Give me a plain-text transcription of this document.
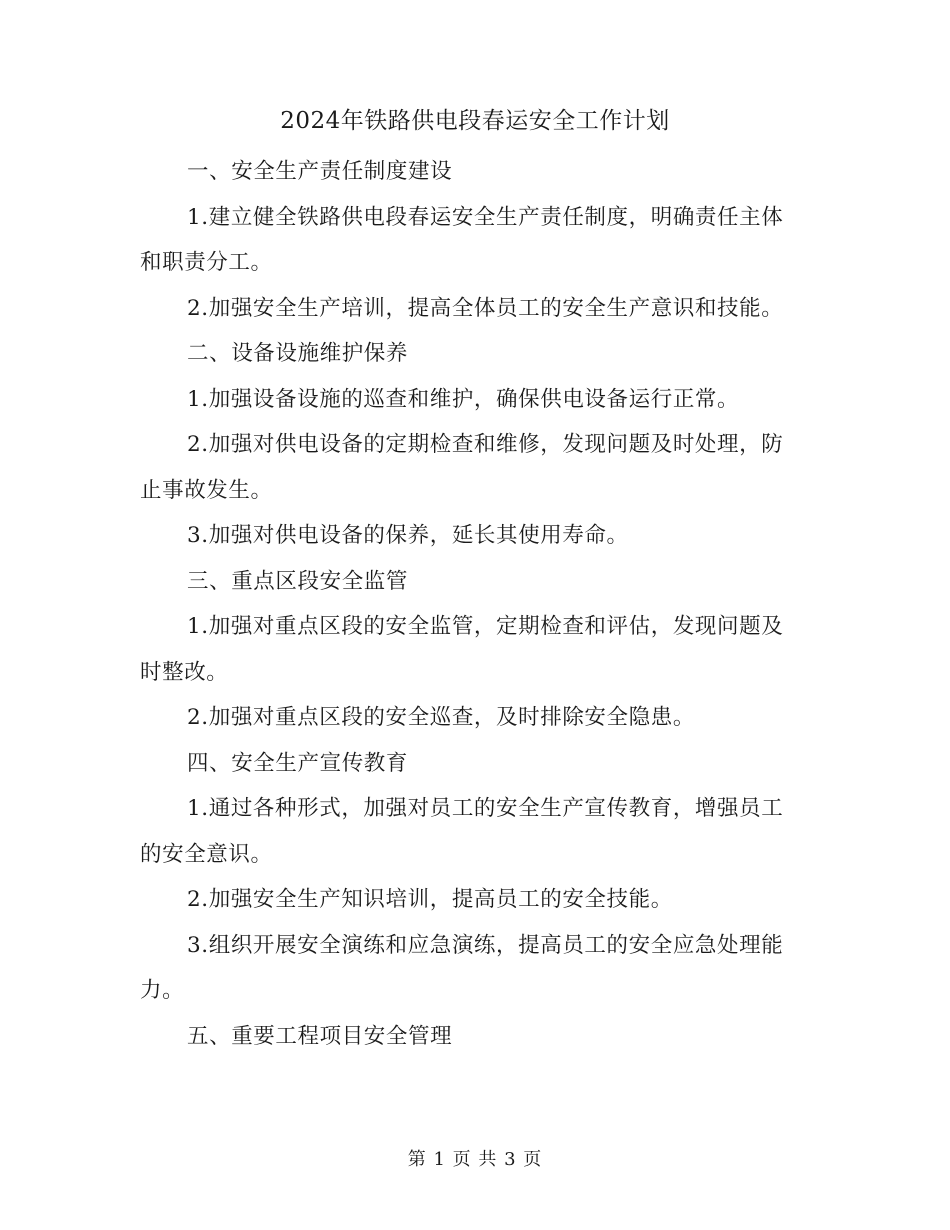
2024年铁路供电段春运安全工作计划

一、安全生产责任制度建设

1.建立健全铁路供电段春运安全生产责任制度，明确责任主体和职责分工。

2.加强安全生产培训，提高全体员工的安全生产意识和技能。

二、设备设施维护保养

1.加强设备设施的巡查和维护，确保供电设备运行正常。

2.加强对供电设备的定期检查和维修，发现问题及时处理，防止事故发生。

3.加强对供电设备的保养，延长其使用寿命。

三、重点区段安全监管

1.加强对重点区段的安全监管，定期检查和评估，发现问题及时整改。

2.加强对重点区段的安全巡查，及时排除安全隐患。

四、安全生产宣传教育

1.通过各种形式，加强对员工的安全生产宣传教育，增强员工的安全意识。

2.加强安全生产知识培训，提高员工的安全技能。

3.组织开展安全演练和应急演练，提高员工的安全应急处理能力。

五、重要工程项目安全管理

第 1 页 共 3 页
